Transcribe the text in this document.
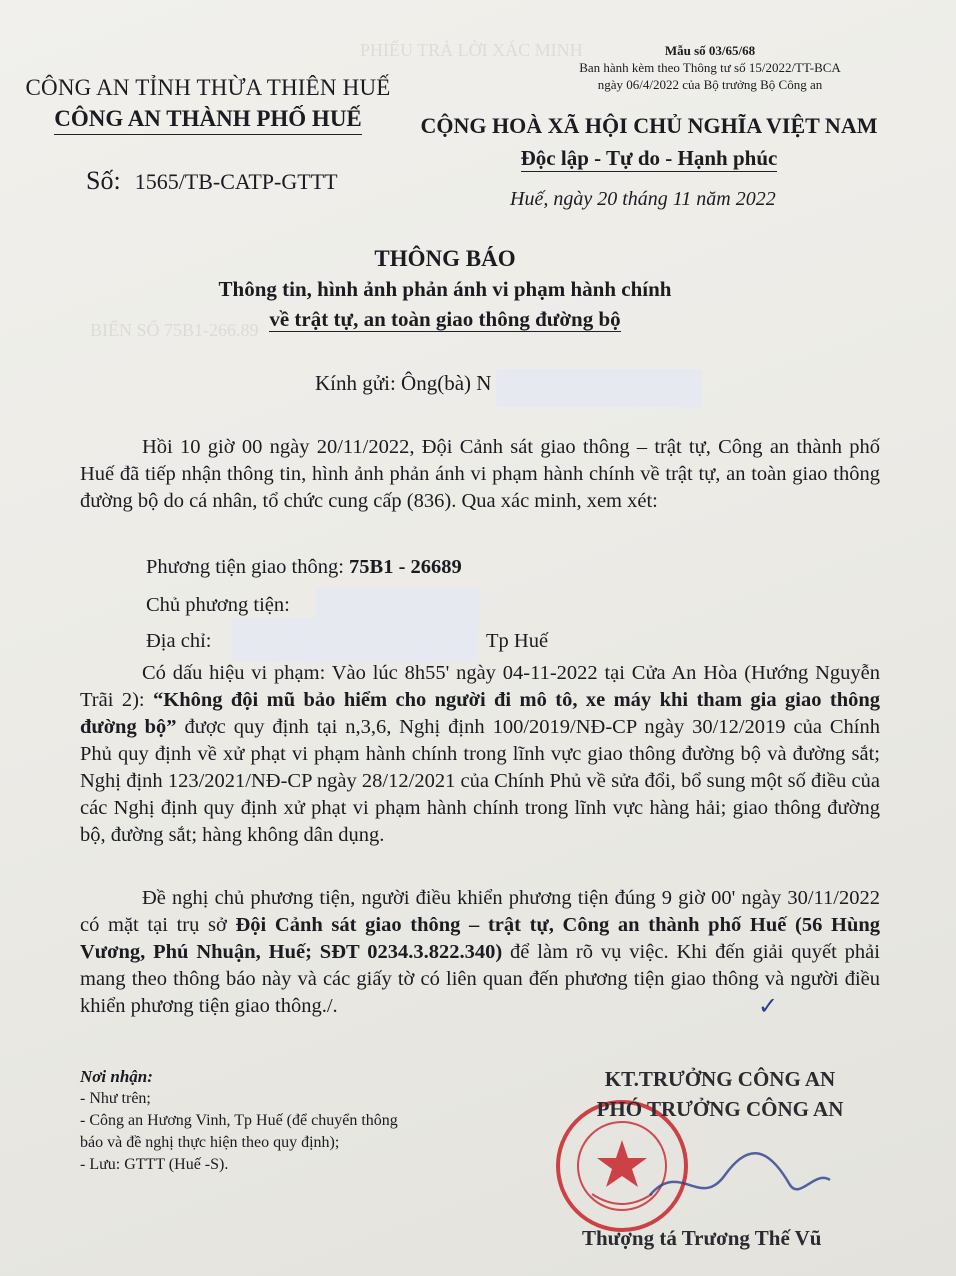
PHIẾU TRẢ LỜI XÁC MINH
BIỂN SỐ 75B1-266.89
CÔNG AN TỈNH THỪA THIÊN HUẾ
CÔNG AN THÀNH PHỐ HUẾ
Số: 1565/TB-CATP-GTTT
Mẫu số 03/65/68
Ban hành kèm theo Thông tư số 15/2022/TT-BCA
ngày 06/4/2022 của Bộ trưởng Bộ Công an
CỘNG HOÀ XÃ HỘI CHỦ NGHĨA VIỆT NAM
Độc lập - Tự do - Hạnh phúc
Huế, ngày 20 tháng 11 năm 2022
THÔNG BÁO
Thông tin, hình ảnh phản ánh vi phạm hành chính
về trật tự, an toàn giao thông đường bộ
Kính gửi: Ông(bà) N
Hồi 10 giờ 00 ngày 20/11/2022, Đội Cảnh sát giao thông – trật tự, Công an thành phố Huế đã tiếp nhận thông tin, hình ảnh phản ánh vi phạm hành chính về trật tự, an toàn giao thông đường bộ do cá nhân, tổ chức cung cấp (836). Qua xác minh, xem xét:
Phương tiện giao thông: 75B1 - 26689
Chủ phương tiện:
Địa chỉ:	Tp Huế
Có dấu hiệu vi phạm: Vào lúc 8h55' ngày 04-11-2022 tại Cửa An Hòa (Hướng Nguyễn Trãi 2): “Không đội mũ bảo hiểm cho người đi mô tô, xe máy khi tham gia giao thông đường bộ” được quy định tại n,3,6, Nghị định 100/2019/NĐ-CP ngày 30/12/2019 của Chính Phủ quy định về xử phạt vi phạm hành chính trong lĩnh vực giao thông đường bộ và đường sắt; Nghị định 123/2021/NĐ-CP ngày 28/12/2021 của Chính Phủ về sửa đổi, bổ sung một số điều của các Nghị định quy định xử phạt vi phạm hành chính trong lĩnh vực hàng hải; giao thông đường bộ, đường sắt; hàng không dân dụng.
Đề nghị chủ phương tiện, người điều khiển phương tiện đúng 9 giờ 00' ngày 30/11/2022 có mặt tại trụ sở Đội Cảnh sát giao thông – trật tự, Công an thành phố Huế (56 Hùng Vương, Phú Nhuận, Huế; SĐT 0234.3.822.340) để làm rõ vụ việc. Khi đến giải quyết phải mang theo thông báo này và các giấy tờ có liên quan đến phương tiện giao thông và người điều khiển phương tiện giao thông./.	✓
Nơi nhận:
- Như trên;
- Công an Hương Vinh, Tp Huế (để chuyển thông
báo và đề nghị thực hiện theo quy định);
- Lưu: GTTT (Huế -S).
KT.TRƯỞNG CÔNG AN
PHÓ TRƯỞNG CÔNG AN
Thượng tá Trương Thế Vũ
